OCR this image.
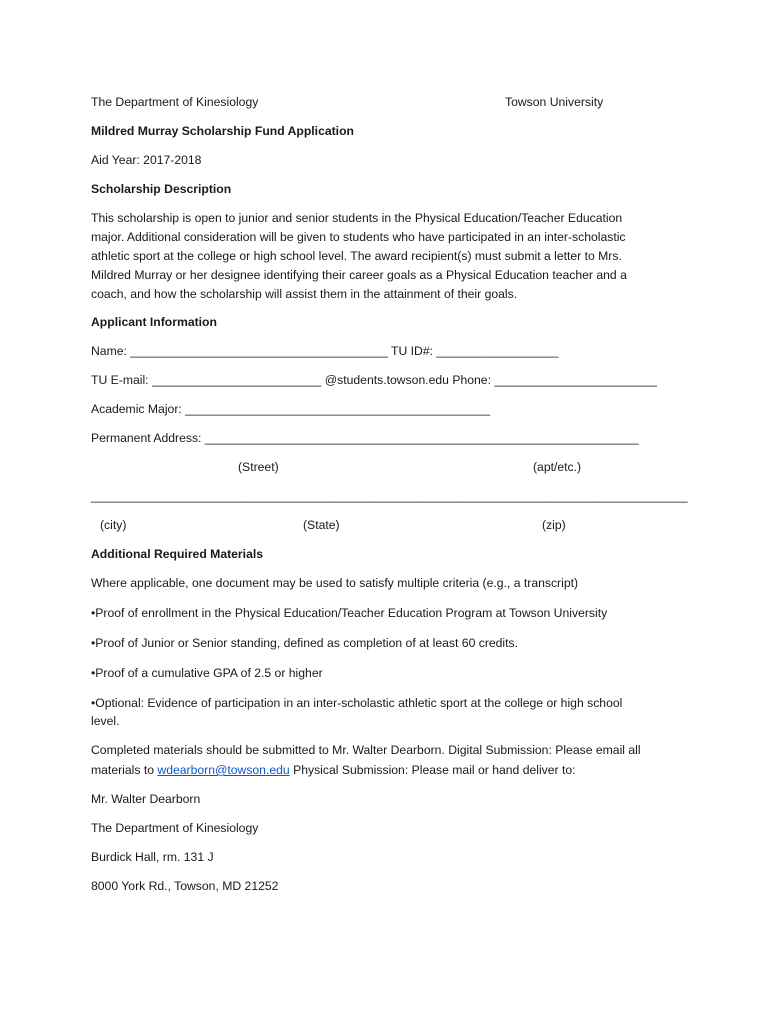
The Department of Kinesiology	Towson University
Mildred Murray Scholarship Fund Application
Aid Year: 2017-2018
Scholarship Description
This scholarship is open to junior and senior students in the Physical Education/Teacher Education
major. Additional consideration will be given to students who have participated in an inter-scholastic
athletic sport at the college or high school level. The award recipient(s) must submit a letter to Mrs.
Mildred Murray or her designee identifying their career goals as a Physical Education teacher and a
coach, and how the scholarship will assist them in the attainment of their goals.
Applicant Information
Name: ______________________________________ TU ID#: __________________
TU E-mail: _________________________ @students.towson.edu Phone: ________________________
Academic Major: _____________________________________________
Permanent Address: ________________________________________________________________
(Street)	(apt/etc.)
________________________________________________________________________________________
(city)	(State)	(zip)
Additional Required Materials
Where applicable, one document may be used to satisfy multiple criteria (e.g., a transcript)
•Proof of enrollment in the Physical Education/Teacher Education Program at Towson University
•Proof of Junior or Senior standing, defined as completion of at least 60 credits.
•Proof of a cumulative GPA of 2.5 or higher
•Optional: Evidence of participation in an inter-scholastic athletic sport at the college or high school
level.
Completed materials should be submitted to Mr. Walter Dearborn. Digital Submission: Please email all
materials to wdearborn@towson.edu Physical Submission: Please mail or hand deliver to:
Mr. Walter Dearborn
The Department of Kinesiology
Burdick Hall, rm. 131 J
8000 York Rd., Towson, MD 21252
